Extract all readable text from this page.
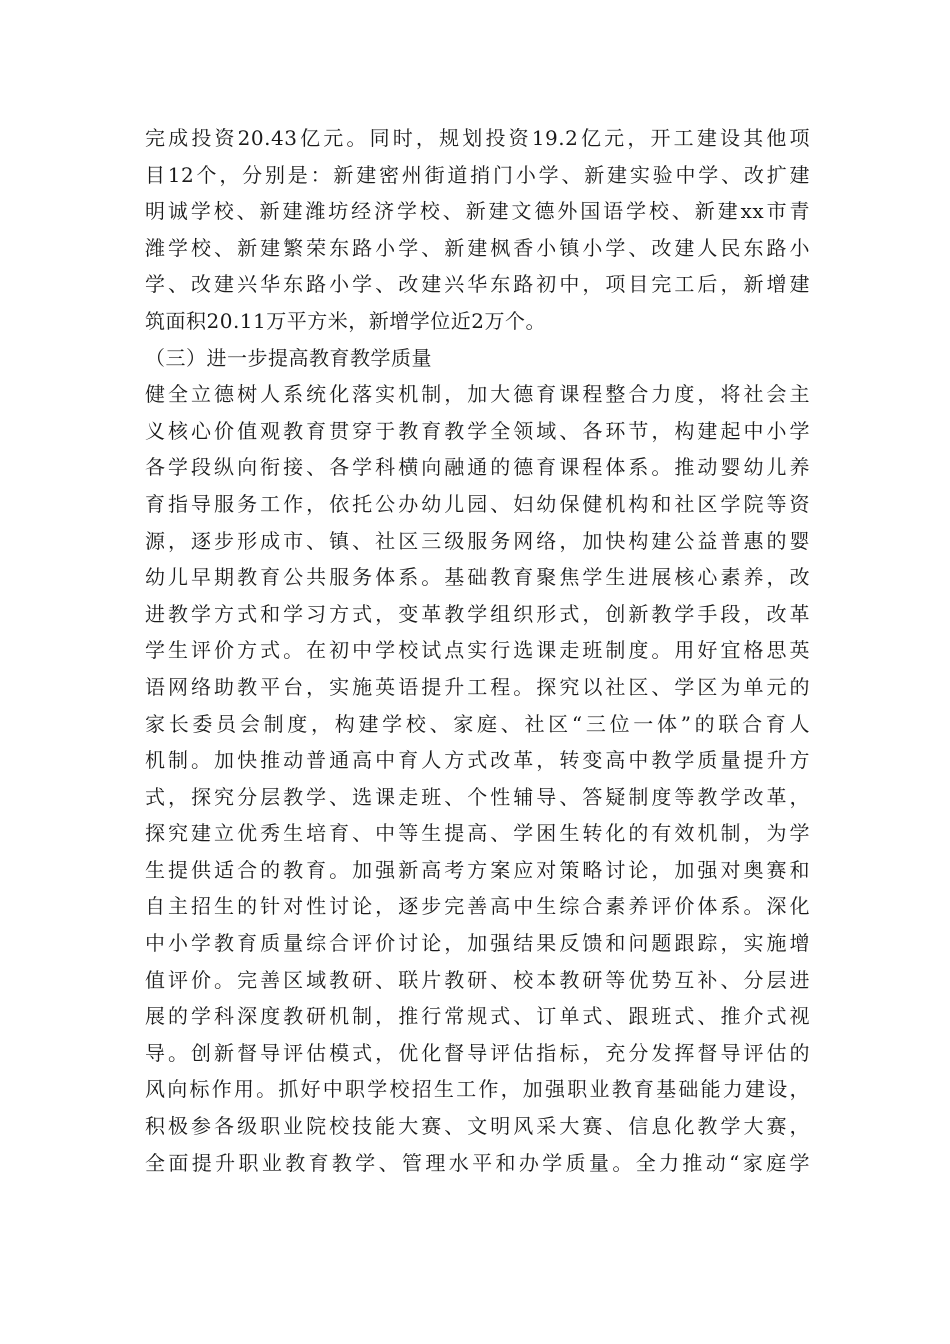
完成投资20.43亿元。同时，规划投资19.2亿元，开工建设其他项
目12个，分别是：新建密州街道捎门小学、新建实验中学、改扩建
明诚学校、新建潍坊经济学校、新建文德外国语学校、新建xx市青
潍学校、新建繁荣东路小学、新建枫香小镇小学、改建人民东路小
学、改建兴华东路小学、改建兴华东路初中，项目完工后，新增建
筑面积20.11万平方米，新增学位近2万个。
（三）进一步提高教育教学质量
健全立德树人系统化落实机制，加大德育课程整合力度，将社会主
义核心价值观教育贯穿于教育教学全领域、各环节，构建起中小学
各学段纵向衔接、各学科横向融通的德育课程体系。推动婴幼儿养
育指导服务工作，依托公办幼儿园、妇幼保健机构和社区学院等资
源，逐步形成市、镇、社区三级服务网络，加快构建公益普惠的婴
幼儿早期教育公共服务体系。基础教育聚焦学生进展核心素养，改
进教学方式和学习方式，变革教学组织形式，创新教学手段，改革
学生评价方式。在初中学校试点实行选课走班制度。用好宜格思英
语网络助教平台，实施英语提升工程。探究以社区、学区为单元的
家长委员会制度，构建学校、家庭、社区“三位一体”的联合育人
机制。加快推动普通高中育人方式改革，转变高中教学质量提升方
式，探究分层教学、选课走班、个性辅导、答疑制度等教学改革，
探究建立优秀生培育、中等生提高、学困生转化的有效机制，为学
生提供适合的教育。加强新高考方案应对策略讨论，加强对奥赛和
自主招生的针对性讨论，逐步完善高中生综合素养评价体系。深化
中小学教育质量综合评价讨论，加强结果反馈和问题跟踪，实施增
值评价。完善区域教研、联片教研、校本教研等优势互补、分层进
展的学科深度教研机制，推行常规式、订单式、跟班式、推介式视
导。创新督导评估模式，优化督导评估指标，充分发挥督导评估的
风向标作用。抓好中职学校招生工作，加强职业教育基础能力建设，
积极参各级职业院校技能大赛、文明风采大赛、信息化教学大赛，
全面提升职业教育教学、管理水平和办学质量。全力推动“家庭学
